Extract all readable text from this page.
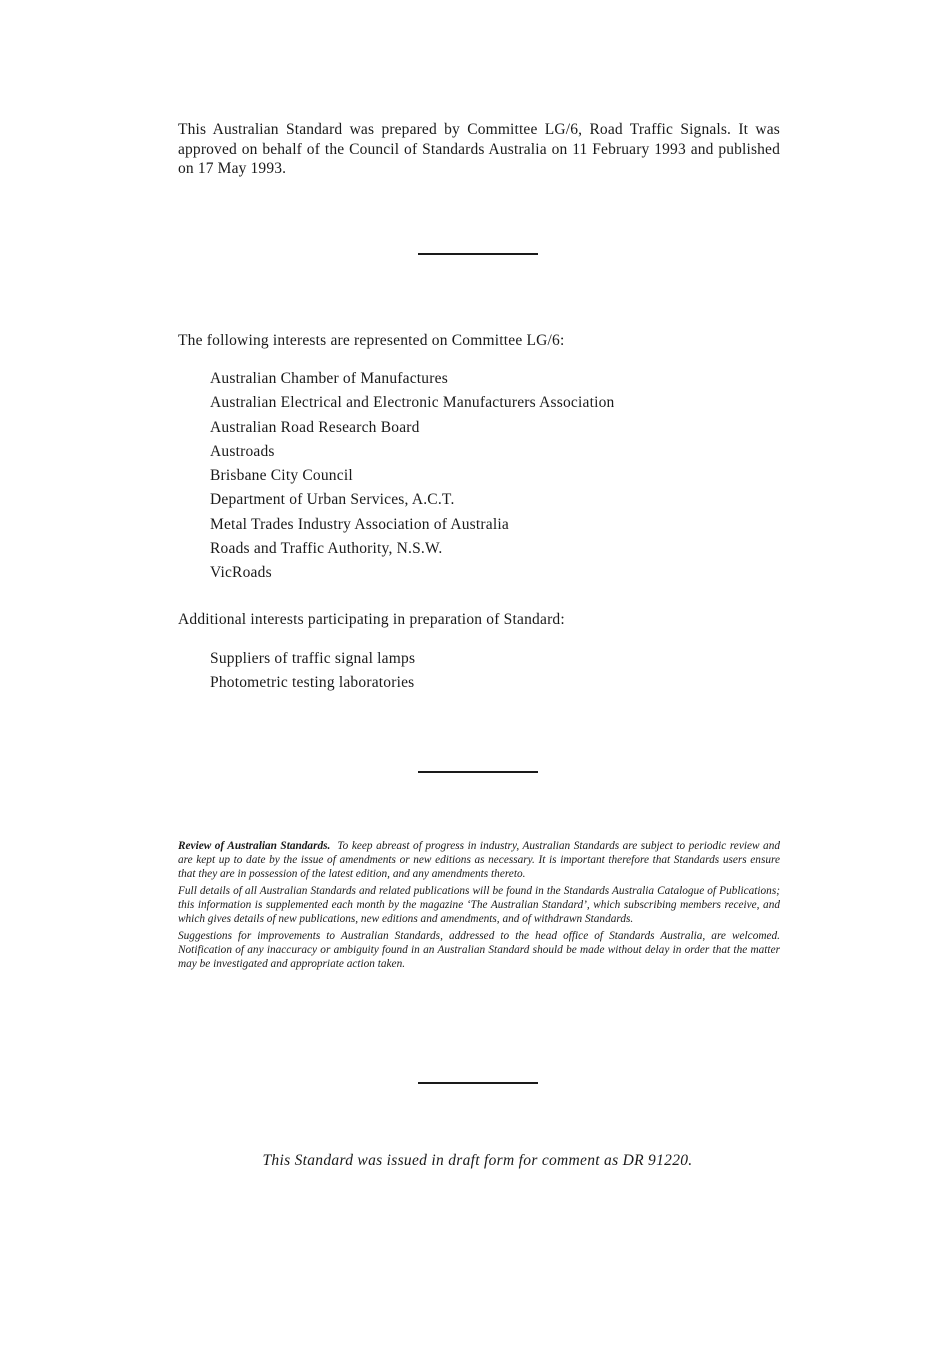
This Australian Standard was prepared by Committee LG/6, Road Traffic Signals. It was approved on behalf of the Council of Standards Australia on 11 February 1993 and published on 17 May 1993.

The following interests are represented on Committee LG/6:

Australian Chamber of Manufactures
Australian Electrical and Electronic Manufacturers Association
Australian Road Research Board
Austroads
Brisbane City Council
Department of Urban Services, A.C.T.
Metal Trades Industry Association of Australia
Roads and Traffic Authority, N.S.W.
VicRoads

Additional interests participating in preparation of Standard:

Suppliers of traffic signal lamps
Photometric testing laboratories

Review of Australian Standards. To keep abreast of progress in industry, Australian Standards are subject to periodic review and are kept up to date by the issue of amendments or new editions as necessary. It is important therefore that Standards users ensure that they are in possession of the latest edition, and any amendments thereto.

Full details of all Australian Standards and related publications will be found in the Standards Australia Catalogue of Publications; this information is supplemented each month by the magazine ‘The Australian Standard’, which subscribing members receive, and which gives details of new publications, new editions and amendments, and of withdrawn Standards.

Suggestions for improvements to Australian Standards, addressed to the head office of Standards Australia, are welcomed. Notification of any inaccuracy or ambiguity found in an Australian Standard should be made without delay in order that the matter may be investigated and appropriate action taken.

This Standard was issued in draft form for comment as DR 91220.
